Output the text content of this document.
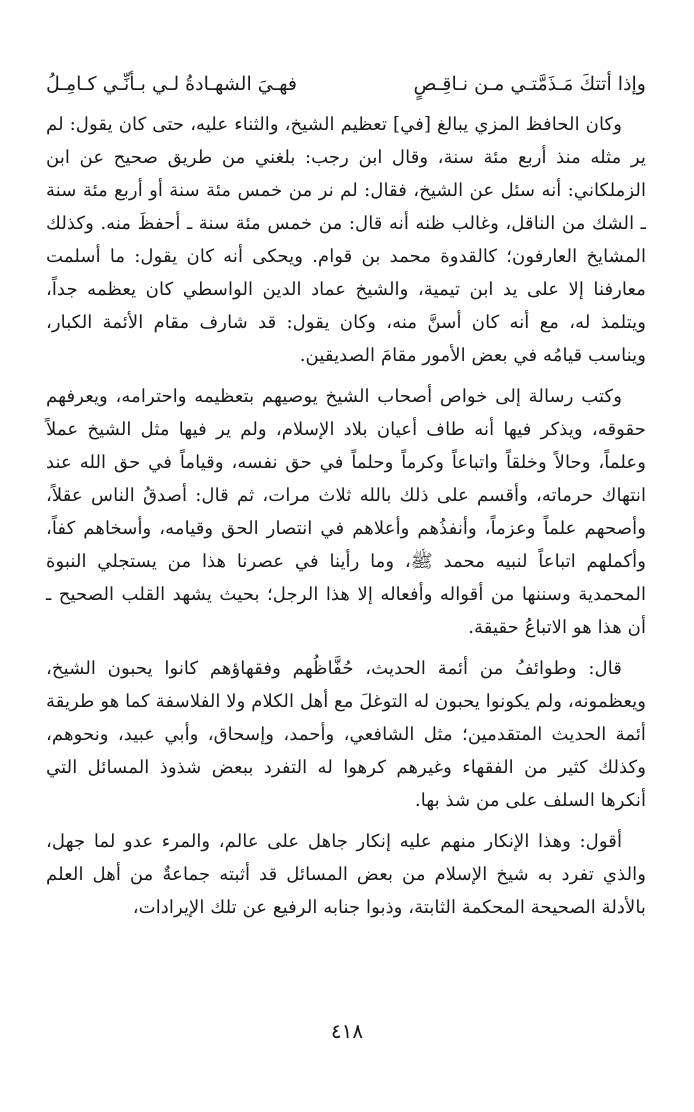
وإذا أتتكَ مَـذَمَّتـي مـن نـاقِـصٍ
فهـيَ الشهـادةُ لـي بـأنِّـي كـامِـلُ

وكان الحافظ المزي يبالغ [في] تعظيم الشيخ، والثناء عليه، حتى كان يقول: لم ير مثله منذ أربع مئة سنة، وقال ابن رجب: بلغني من طريق صحيح عن ابن الزملكاني: أنه سئل عن الشيخ، فقال: لم نر من خمس مئة سنة أو أربع مئة سنة ـ الشك من الناقل، وغالب ظنه أنه قال: من خمس مئة سنة ـ أحفظَ منه. وكذلك المشايخ العارفون؛ كالقدوة محمد بن قوام. ويحكى أنه كان يقول: ما أسلمت معارفنا إلا على يد ابن تيمية، والشيخ عماد الدين الواسطي كان يعظمه جداً، ويتلمذ له، مع أنه كان أسنَّ منه، وكان يقول: قد شارف مقام الأئمة الكبار، ويناسب قيامُه في بعض الأمور مقامَ الصديقين.

وكتب رسالة إلى خواص أصحاب الشيخ يوصيهم بتعظيمه واحترامه، ويعرفهم حقوقه، ويذكر فيها أنه طاف أعيان بلاد الإسلام، ولم ير فيها مثل الشيخ عملاً وعلماً، وحالاً وخلقاً واتباعاً وكرماً وحلماً في حق نفسه، وقياماً في حق الله عند انتهاك حرماته، وأقسم على ذلك بالله ثلاث مرات، ثم قال: أصدقُ الناس عقلاً، وأصحهم علماً وعزماً، وأنفذُهم وأعلاهم في انتصار الحق وقيامه، وأسخاهم كفاً، وأكملهم اتباعاً لنبيه محمد ﷺ، وما رأينا في عصرنا هذا من يستجلي النبوة المحمدية وسننها من أقواله وأفعاله إلا هذا الرجل؛ بحيث يشهد القلب الصحيح ـ أن هذا هو الاتباعُ حقيقة.

قال: وطوائفُ من أئمة الحديث، حُفَّاظُهم وفقهاؤهم كانوا يحبون الشيخ، ويعظمونه، ولم يكونوا يحبون له التوغلَ مع أهل الكلام ولا الفلاسفة كما هو طريقة أئمة الحديث المتقدمين؛ مثل الشافعي، وأحمد، وإسحاق، وأبي عبيد، ونحوهم، وكذلك كثير من الفقهاء وغيرهم كرهوا له التفرد ببعض شذوذ المسائل التي أنكرها السلف على من شذ بها.

أقول: وهذا الإنكار منهم عليه إنكار جاهل على عالم، والمرء عدو لما جهل، والذي تفرد به شيخ الإسلام من بعض المسائل قد أثبته جماعةٌ من أهل العلم بالأدلة الصحيحة المحكمة الثابتة، وذبوا جنابه الرفيع عن تلك الإيرادات،

٤١٨
